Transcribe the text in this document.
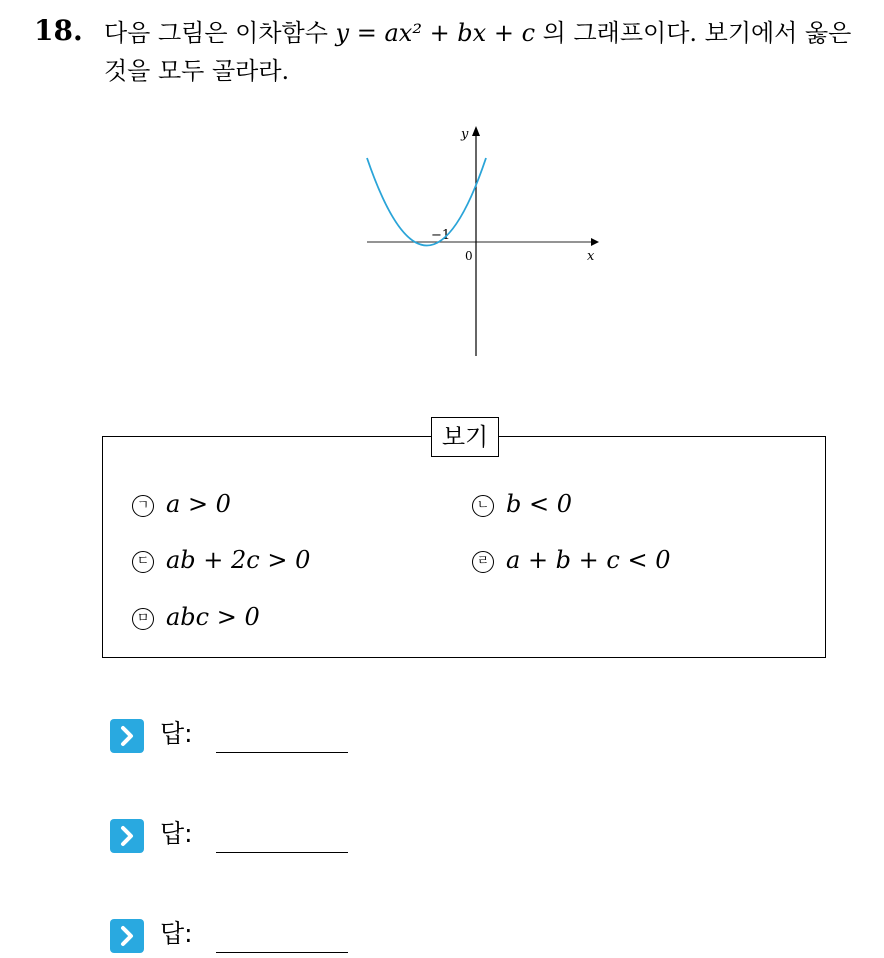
18. 다음 그림은 이차함수 y = ax² + bx + c 의 그래프이다. 보기에서 옳은
것을 모두 골라라.
y
x
0
−1
보기
ㄱ a > 0	ㄴ b < 0
ㄷ ab + 2c > 0	ㄹ a + b + c < 0
ㅁ abc > 0
답:
답:
답:
